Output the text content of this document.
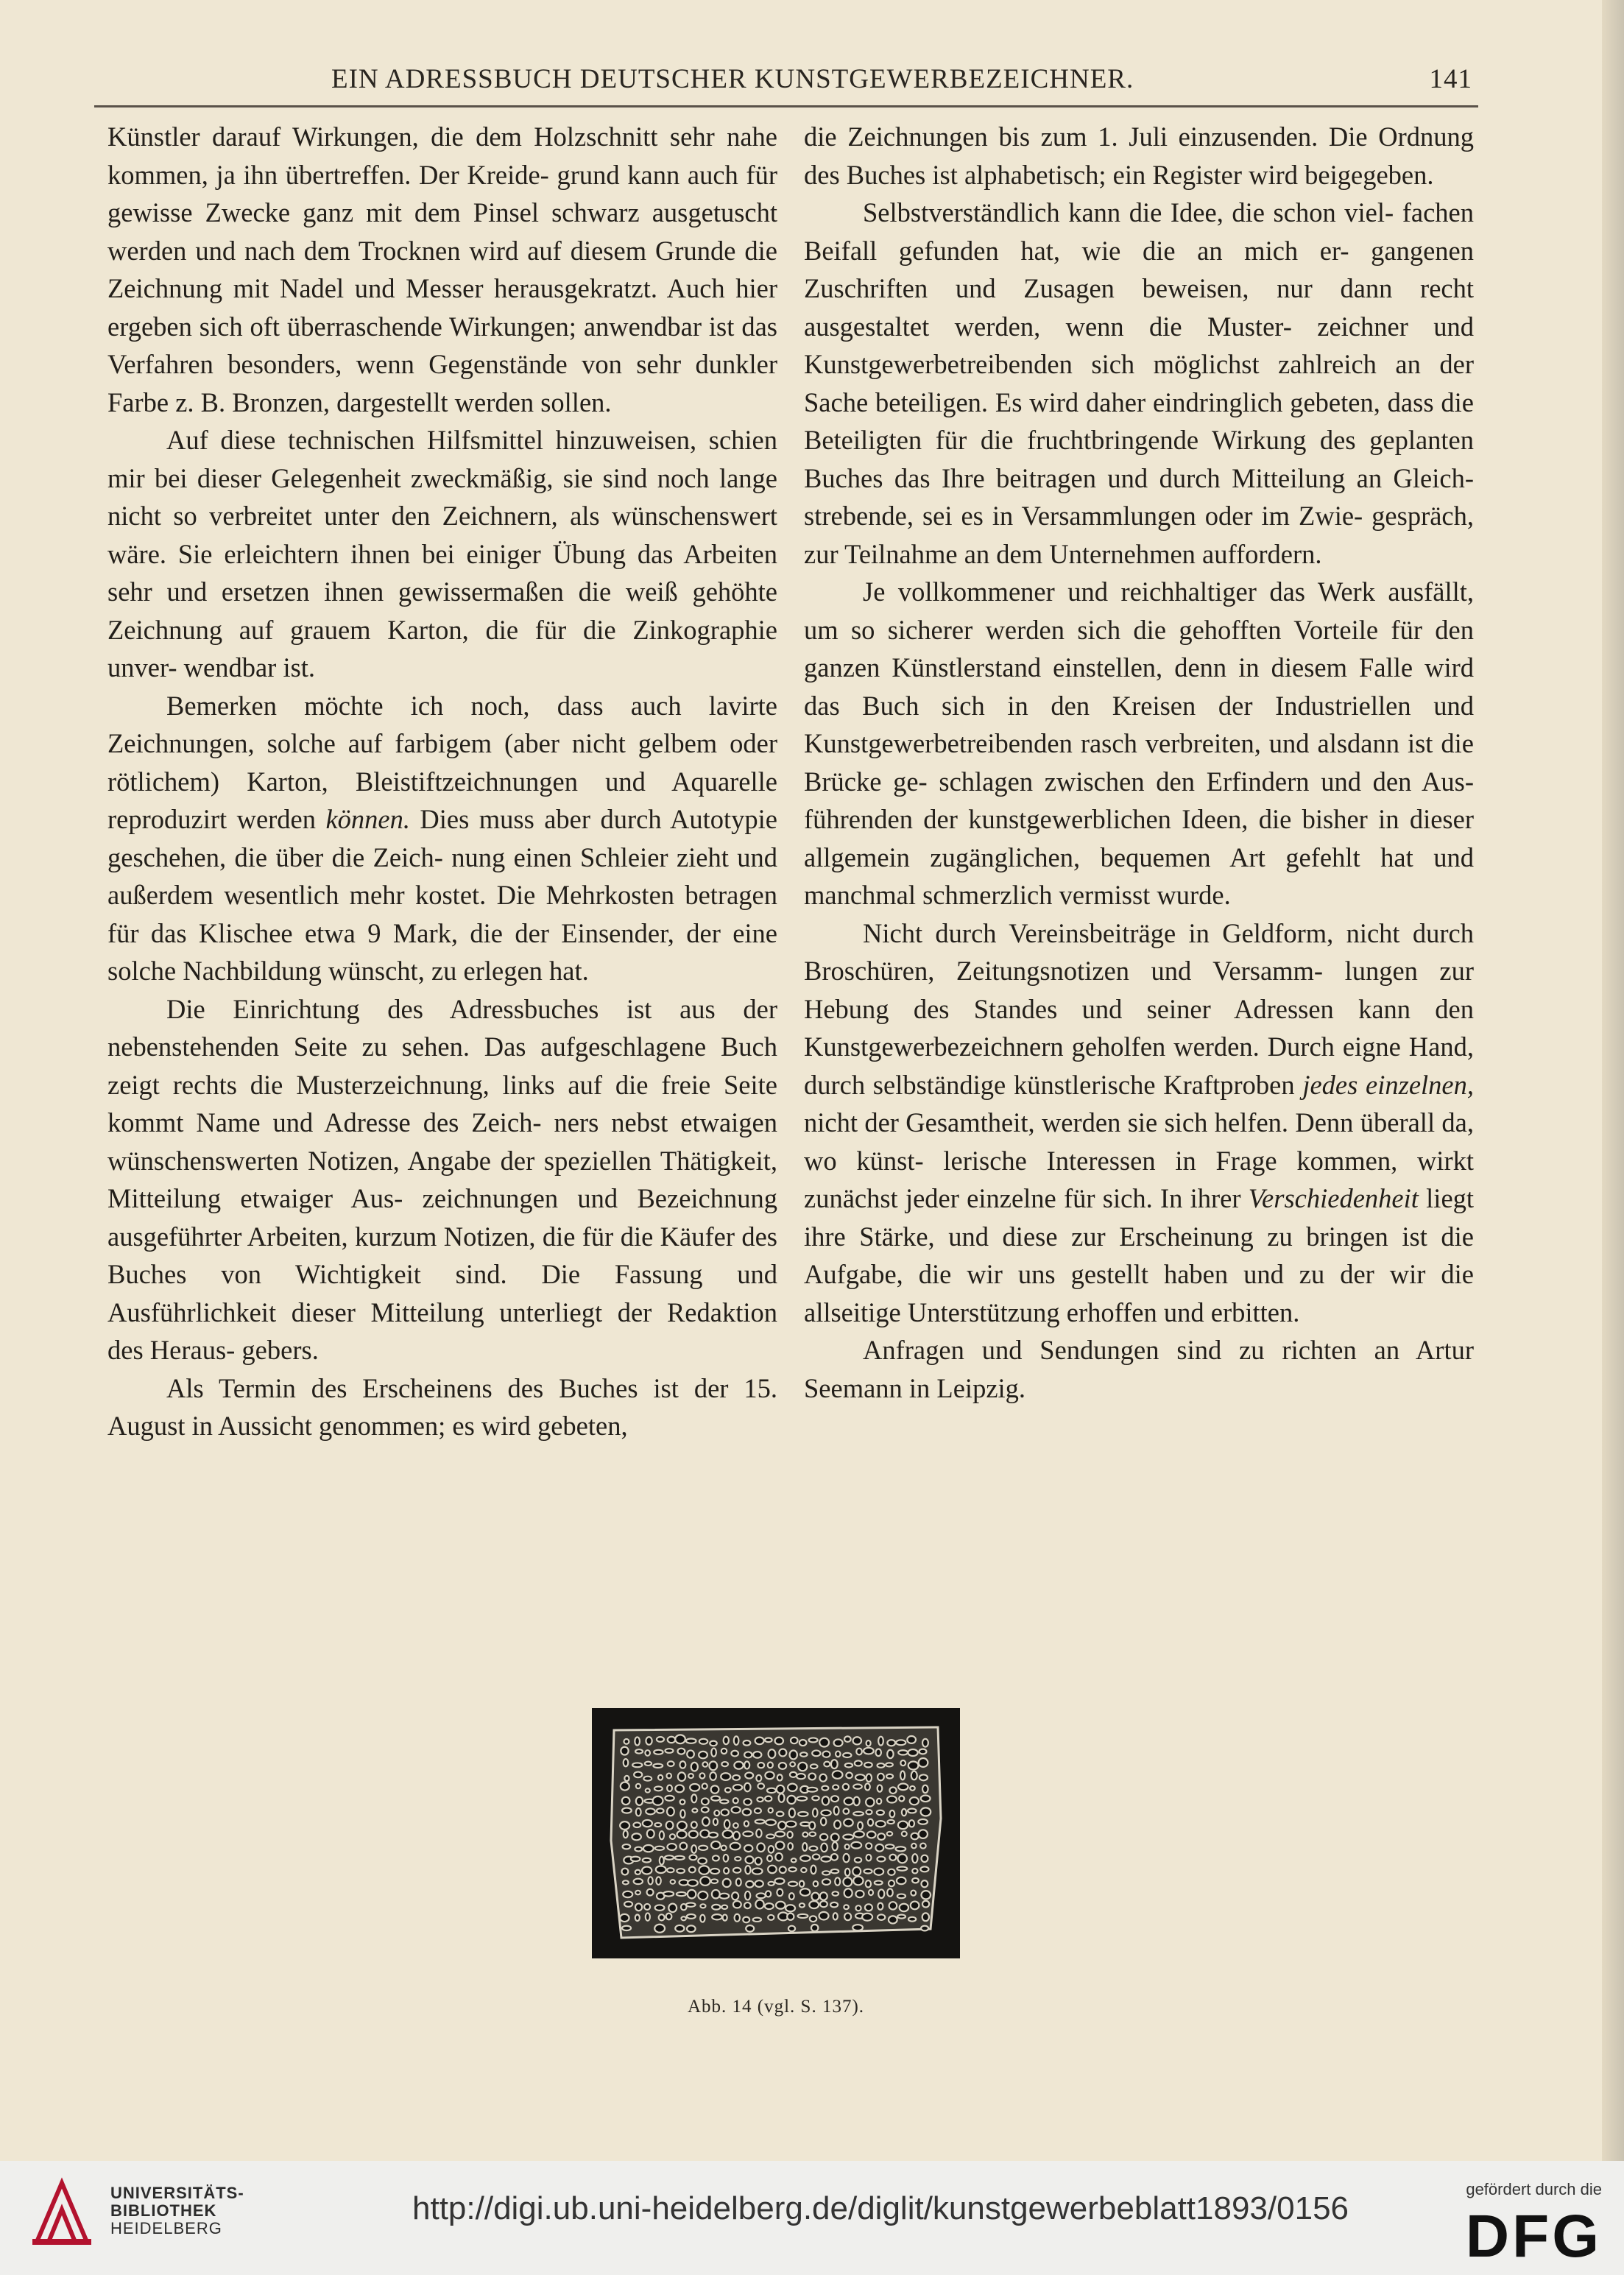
EIN ADRESSBUCH DEUTSCHER KUNSTGEWERBEZEICHNER.	141

Künstler darauf Wirkungen, die dem Holzschnitt sehr nahe kommen, ja ihn übertreffen. Der Kreide- grund kann auch für gewisse Zwecke ganz mit dem Pinsel schwarz ausgetuscht werden und nach dem Trocknen wird auf diesem Grunde die Zeichnung mit Nadel und Messer herausgekratzt. Auch hier ergeben sich oft überraschende Wirkungen; anwendbar ist das Verfahren besonders, wenn Gegenstände von sehr dunkler Farbe z. B. Bronzen, dargestellt werden sollen.

Auf diese technischen Hilfsmittel hinzuweisen, schien mir bei dieser Gelegenheit zweckmäßig, sie sind noch lange nicht so verbreitet unter den Zeichnern, als wünschenswert wäre. Sie erleichtern ihnen bei einiger Übung das Arbeiten sehr und ersetzen ihnen gewissermaßen die weiß gehöhte Zeichnung auf grauem Karton, die für die Zinkographie unver- wendbar ist.

Bemerken möchte ich noch, dass auch lavirte Zeichnungen, solche auf farbigem (aber nicht gelbem oder rötlichem) Karton, Bleistiftzeichnungen und Aquarelle reproduzirt werden können. Dies muss aber durch Autotypie geschehen, die über die Zeich- nung einen Schleier zieht und außerdem wesentlich mehr kostet. Die Mehrkosten betragen für das Klischee etwa 9 Mark, die der Einsender, der eine solche Nachbildung wünscht, zu erlegen hat.

Die Einrichtung des Adressbuches ist aus der nebenstehenden Seite zu sehen. Das aufgeschlagene Buch zeigt rechts die Musterzeichnung, links auf die freie Seite kommt Name und Adresse des Zeich- ners nebst etwaigen wünschenswerten Notizen, Angabe der speziellen Thätigkeit, Mitteilung etwaiger Aus- zeichnungen und Bezeichnung ausgeführter Arbeiten, kurzum Notizen, die für die Käufer des Buches von Wichtigkeit sind. Die Fassung und Ausführlichkeit dieser Mitteilung unterliegt der Redaktion des Heraus- gebers.

Als Termin des Erscheinens des Buches ist der 15. August in Aussicht genommen; es wird gebeten,

die Zeichnungen bis zum 1. Juli einzusenden. Die Ordnung des Buches ist alphabetisch; ein Register wird beigegeben.

Selbstverständlich kann die Idee, die schon viel- fachen Beifall gefunden hat, wie die an mich er- gangenen Zuschriften und Zusagen beweisen, nur dann recht ausgestaltet werden, wenn die Muster- zeichner und Kunstgewerbetreibenden sich möglichst zahlreich an der Sache beteiligen. Es wird daher eindringlich gebeten, dass die Beteiligten für die fruchtbringende Wirkung des geplanten Buches das Ihre beitragen und durch Mitteilung an Gleich- strebende, sei es in Versammlungen oder im Zwie- gespräch, zur Teilnahme an dem Unternehmen auffordern.

Je vollkommener und reichhaltiger das Werk ausfällt, um so sicherer werden sich die gehofften Vorteile für den ganzen Künstlerstand einstellen, denn in diesem Falle wird das Buch sich in den Kreisen der Industriellen und Kunstgewerbetreibenden rasch verbreiten, und alsdann ist die Brücke ge- schlagen zwischen den Erfindern und den Aus- führenden der kunstgewerblichen Ideen, die bisher in dieser allgemein zugänglichen, bequemen Art gefehlt hat und manchmal schmerzlich vermisst wurde.

Nicht durch Vereinsbeiträge in Geldform, nicht durch Broschüren, Zeitungsnotizen und Versamm- lungen zur Hebung des Standes und seiner Adressen kann den Kunstgewerbezeichnern geholfen werden. Durch eigne Hand, durch selbständige künstlerische Kraftproben jedes einzelnen, nicht der Gesamtheit, werden sie sich helfen. Denn überall da, wo künst- lerische Interessen in Frage kommen, wirkt zunächst jeder einzelne für sich. In ihrer Verschiedenheit liegt ihre Stärke, und diese zur Erscheinung zu bringen ist die Aufgabe, die wir uns gestellt haben und zu der wir die allseitige Unterstützung erhoffen und erbitten.

Anfragen und Sendungen sind zu richten an Artur Seemann in Leipzig.

Abb. 14 (vgl. S. 137).
UNIVERSITÄTS-
BIBLIOTHEK
HEIDELBERG
http://digi.ub.uni-heidelberg.de/diglit/kunstgewerbeblatt1893/0156
gefördert durch die
DFG
